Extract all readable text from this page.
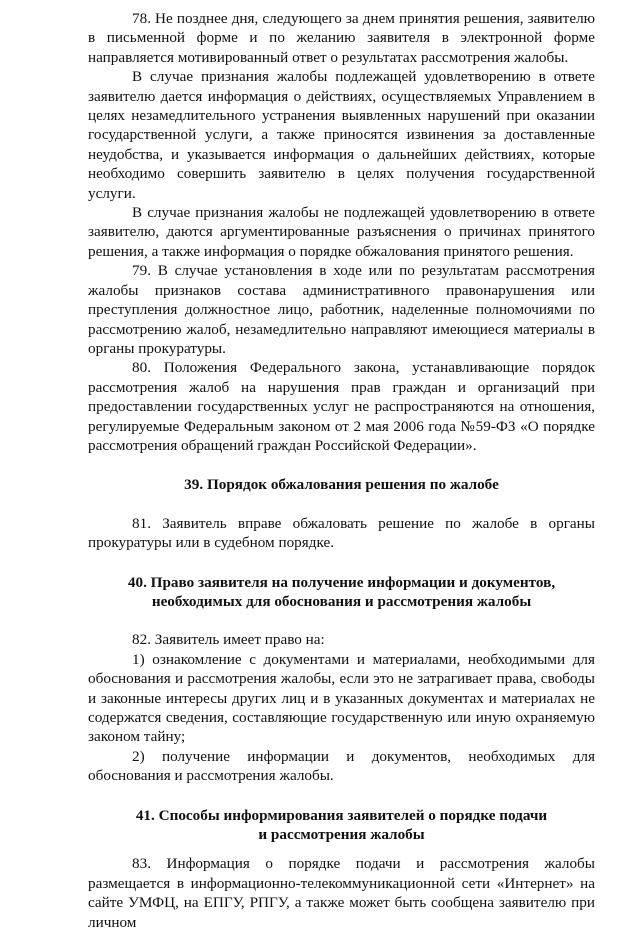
78. Не позднее дня, следующего за днем принятия решения, заявителю в письменной форме и по желанию заявителя в электронной форме направляется мотивированный ответ о результатах рассмотрения жалобы.

В случае признания жалобы подлежащей удовлетворению в ответе заявителю дается информация о действиях, осуществляемых Управлением в целях незамедлительного устранения выявленных нарушений при оказании государственной услуги, а также приносятся извинения за доставленные неудобства, и указывается информация о дальнейших действиях, которые необходимо совершить заявителю в целях получения государственной услуги.

В случае признания жалобы не подлежащей удовлетворению в ответе заявителю, даются аргументированные разъяснения о причинах принятого решения, а также информация о порядке обжалования принятого решения.

79. В случае установления в ходе или по результатам рассмотрения жалобы признаков состава административного правонарушения или преступления должностное лицо, работник, наделенные полномочиями по рассмотрению жалоб, незамедлительно направляют имеющиеся материалы в органы прокуратуры.

80. Положения Федерального закона, устанавливающие порядок рассмотрения жалоб на нарушения прав граждан и организаций при предоставлении государственных услуг не распространяются на отношения, регулируемые Федеральным законом от 2 мая 2006 года №59-ФЗ «О порядке рассмотрения обращений граждан Российской Федерации».

39. Порядок обжалования решения по жалобе

81. Заявитель вправе обжаловать решение по жалобе в органы прокуратуры или в судебном порядке.

40. Право заявителя на получение информации и документов,
необходимых для обоснования и рассмотрения жалобы

82. Заявитель имеет право на:

1) ознакомление с документами и материалами, необходимыми для обоснования и рассмотрения жалобы, если это не затрагивает права, свободы и законные интересы других лиц и в указанных документах и материалах не содержатся сведения, составляющие государственную или иную охраняемую законом тайну;

2) получение информации и документов, необходимых для обоснования и рассмотрения жалобы.

41. Способы информирования заявителей о порядке подачи
и рассмотрения жалобы

83. Информация о порядке подачи и рассмотрения жалобы размещается в информационно-телекоммуникационной сети «Интернет» на сайте УМФЦ, на ЕПГУ, РПГУ, а также может быть сообщена заявителю при личном
